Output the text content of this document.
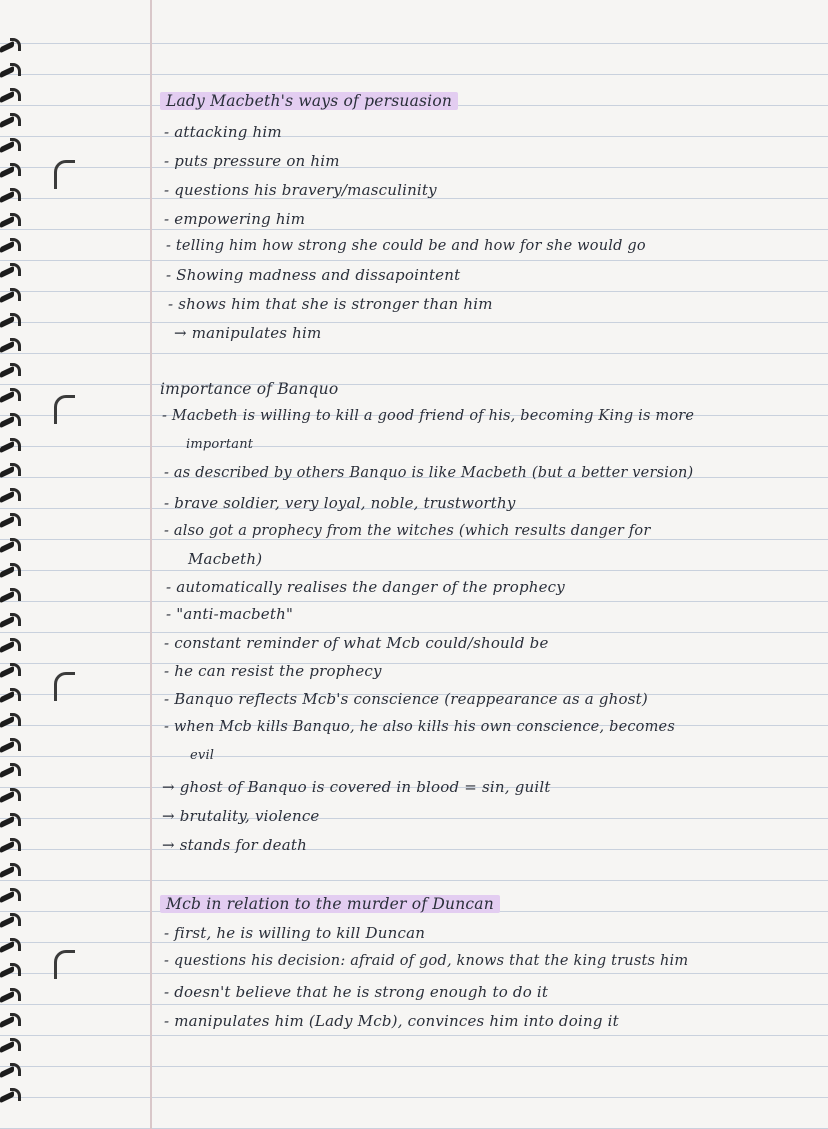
Lady Macbeth's ways of persuasion
- attacking him
- puts pressure on him
- questions his bravery/masculinity
- empowering him
- telling him how strong she could be and how for she would go
- Showing madness and dissapointent
- shows him that she is stronger than him
→ manipulates him
importance of Banquo
- Macbeth is willing to kill a good friend of his, becoming King is more
important
- as described by others Banquo is like Macbeth (but a better version)
- brave soldier, very loyal, noble, trustworthy
- also got a prophecy from the witches (which results danger for
Macbeth)
- automatically realises the danger of the prophecy
- "anti-macbeth"
- constant reminder of what Mcb could/should be
- he can resist the prophecy
- Banquo reflects Mcb's conscience (reappearance as a ghost)
- when Mcb kills Banquo, he also kills his own conscience, becomes
evil
→ ghost of Banquo is covered in blood = sin, guilt
→ brutality, violence
→ stands for death
Mcb in relation to the murder of Duncan
- first, he is willing to kill Duncan
- questions his decision: afraid of god, knows that the king trusts him
- doesn't believe that he is strong enough to do it
- manipulates him (Lady Mcb), convinces him into doing it
